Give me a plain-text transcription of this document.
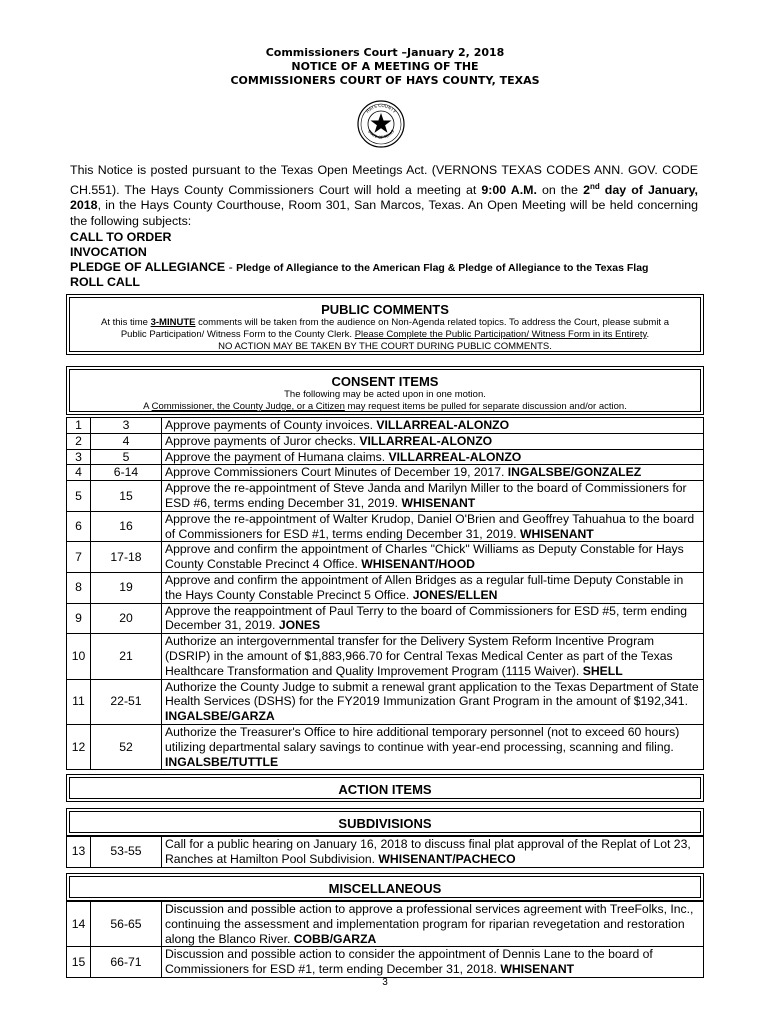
Commissioners Court –January 2, 2018
NOTICE OF A MEETING OF THE
COMMISSIONERS COURT OF HAYS COUNTY, TEXAS
HAYS COUNTY
STATE OF TEXAS
This Notice is posted pursuant to the Texas Open Meetings Act. (VERNONS TEXAS CODES ANN. GOV. CODE CH.551). The Hays County Commissioners Court will hold a meeting at 9:00 A.M. on the 2nd day of January, 2018, in the Hays County Courthouse, Room 301, San Marcos, Texas. An Open Meeting will be held concerning the following subjects:
CALL TO ORDER
INVOCATION
PLEDGE OF ALLEGIANCE - Pledge of Allegiance to the American Flag & Pledge of Allegiance to the Texas Flag
ROLL CALL
PUBLIC COMMENTS
At this time 3-MINUTE comments will be taken from the audience on Non-Agenda related topics. To address the Court, please submit a
Public Participation/ Witness Form to the County Clerk. Please Complete the Public Participation/ Witness Form in its Entirety.
NO ACTION MAY BE TAKEN BY THE COURT DURING PUBLIC COMMENTS.
CONSENT ITEMS
The following may be acted upon in one motion.
A Commissioner, the County Judge, or a Citizen may request items be pulled for separate discussion and/or action.
1	3	Approve payments of County invoices. VILLARREAL-ALONZO
2	4	Approve payments of Juror checks. VILLARREAL-ALONZO
3	5	Approve the payment of Humana claims. VILLARREAL-ALONZO
4	6-14	Approve Commissioners Court Minutes of December 19, 2017. INGALSBE/GONZALEZ
5	15	Approve the re-appointment of Steve Janda and Marilyn Miller to the board of Commissioners for ESD #6, terms ending December 31, 2019. WHISENANT
6	16	Approve the re-appointment of Walter Krudop, Daniel O'Brien and Geoffrey Tahuahua to the board of Commissioners for ESD #1, terms ending December 31, 2019. WHISENANT
7	17-18	Approve and confirm the appointment of Charles "Chick" Williams as Deputy Constable for Hays County Constable Precinct 4 Office. WHISENANT/HOOD
8	19	Approve and confirm the appointment of Allen Bridges as a regular full-time Deputy Constable in the Hays County Constable Precinct 5 Office. JONES/ELLEN
9	20	Approve the reappointment of Paul Terry to the board of Commissioners for ESD #5, term ending December 31, 2019. JONES
10	21	Authorize an intergovernmental transfer for the Delivery System Reform Incentive Program (DSRIP) in the amount of $1,883,966.70 for Central Texas Medical Center as part of the Texas Healthcare Transformation and Quality Improvement Program (1115 Waiver). SHELL
11	22-51	Authorize the County Judge to submit a renewal grant application to the Texas Department of State Health Services (DSHS) for the FY2019 Immunization Grant Program in the amount of $192,341. INGALSBE/GARZA
12	52	Authorize the Treasurer's Office to hire additional temporary personnel (not to exceed 60 hours) utilizing departmental salary savings to continue with year-end processing, scanning and filing. INGALSBE/TUTTLE
ACTION ITEMS
SUBDIVISIONS
13	53-55	Call for a public hearing on January 16, 2018 to discuss final plat approval of the Replat of Lot 23, Ranches at Hamilton Pool Subdivision. WHISENANT/PACHECO
MISCELLANEOUS
14	56-65	Discussion and possible action to approve a professional services agreement with TreeFolks, Inc., continuing the assessment and implementation program for riparian revegetation and restoration along the Blanco River. COBB/GARZA
15	66-71	Discussion and possible action to consider the appointment of Dennis Lane to the board of Commissioners for ESD #1, term ending December 31, 2018. WHISENANT
3
